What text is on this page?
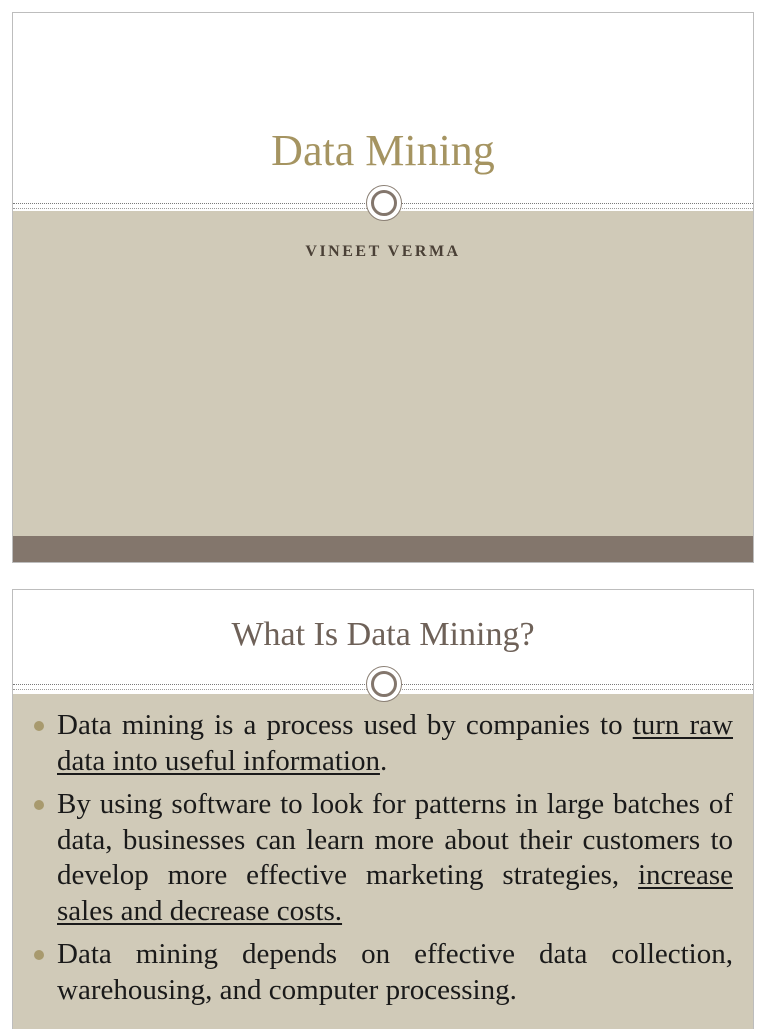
Data Mining
VINEET VERMA
What Is Data Mining?
Data mining is a process used by companies to turn raw data into useful information.
By using software to look for patterns in large batches of data, businesses can learn more about their customers to develop more effective marketing strategies, increase sales and decrease costs.
Data mining depends on effective data collection, warehousing, and computer processing.
